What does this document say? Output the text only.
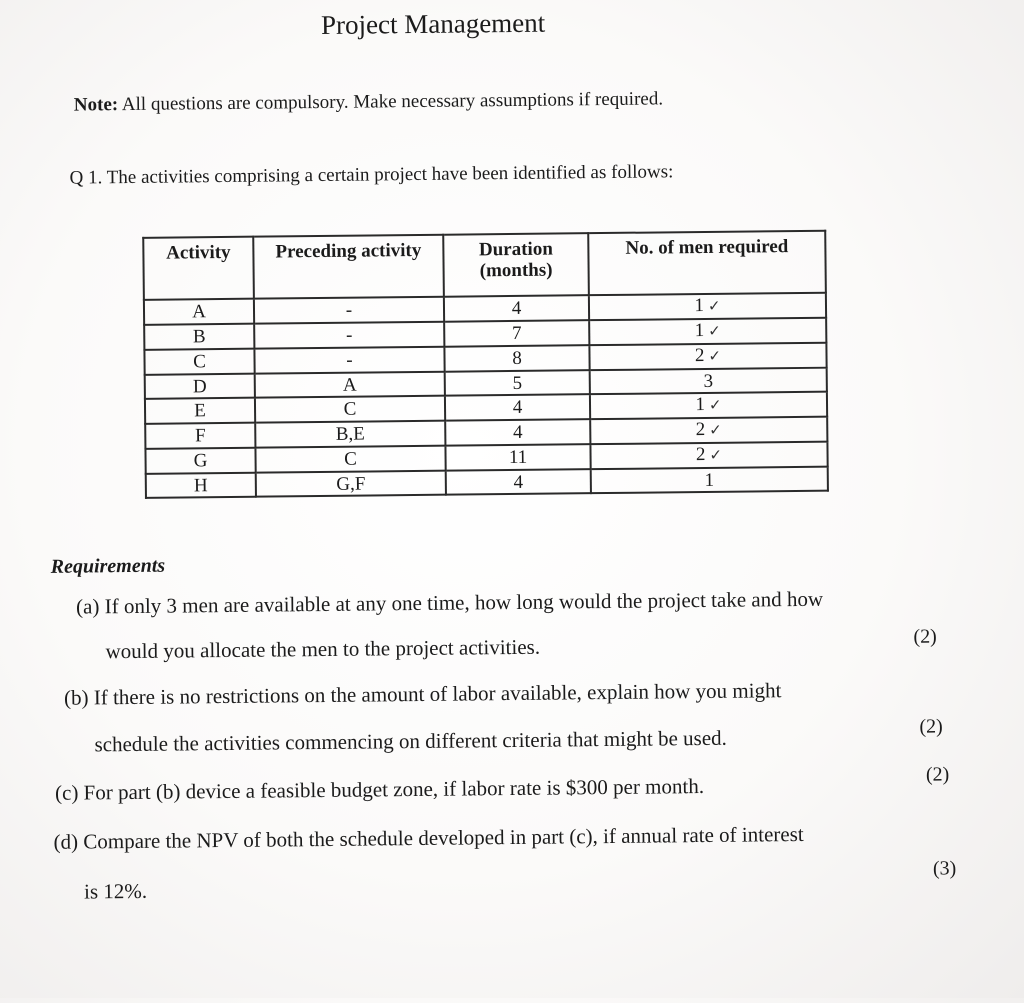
Project Management
Note: All questions are compulsory. Make necessary assumptions if required.
Q 1. The activities comprising a certain project have been identified as follows:
Activity	Preceding activity	Duration (months)	No. of men required
A	-	4	1 ✓
B	-	7	1 ✓
C	-	8	2 ✓
D	A	5	3
E	C	4	1 ✓
F	B,E	4	2 ✓
G	C	11	2 ✓
H	G,F	4	1
Requirements
(a) If only 3 men are available at any one time, how long would the project take and how
would you allocate the men to the project activities.	(2)
(b) If there is no restrictions on the amount of labor available, explain how you might
schedule the activities commencing on different criteria that might be used.	(2)
(c) For part (b) device a feasible budget zone, if labor rate is $300 per month.	(2)
(d) Compare the NPV of both the schedule developed in part (c), if annual rate of interest
is 12%.
(3)
